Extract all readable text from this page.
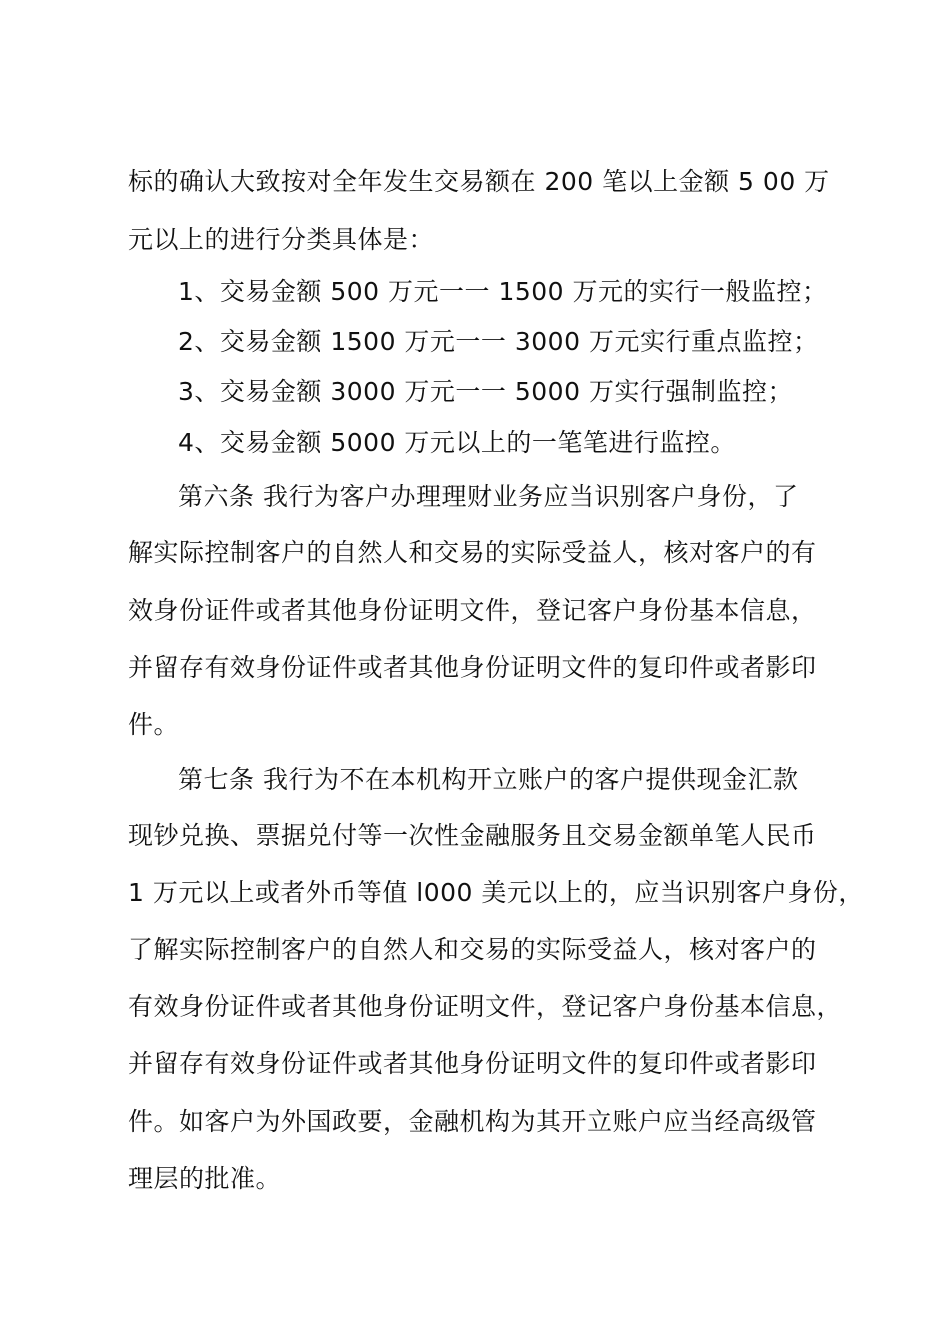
标的确认大致按对全年发生交易额在 200 笔以上金额 5 00 万
元以上的进行分类具体是：
1、交易金额 500 万元一一 1500 万元的实行一般监控；
2、交易金额 1500 万元一一 3000 万元实行重点监控；
3、交易金额 3000 万元一一 5000 万实行强制监控；
4、交易金额 5000 万元以上的一笔笔进行监控。
第六条 我行为客户办理理财业务应当识别客户身份，了
解实际控制客户的自然人和交易的实际受益人，核对客户的有
效身份证件或者其他身份证明文件，登记客户身份基本信息，
并留存有效身份证件或者其他身份证明文件的复印件或者影印
件。
第七条 我行为不在本机构开立账户的客户提供现金汇款
现钞兑换、票据兑付等一次性金融服务且交易金额单笔人民币
1 万元以上或者外币等值 l000 美元以上的，应当识别客户身份，
了解实际控制客户的自然人和交易的实际受益人，核对客户的
有效身份证件或者其他身份证明文件，登记客户身份基本信息，
并留存有效身份证件或者其他身份证明文件的复印件或者影印
件。如客户为外国政要，金融机构为其开立账户应当经高级管
理层的批准。
